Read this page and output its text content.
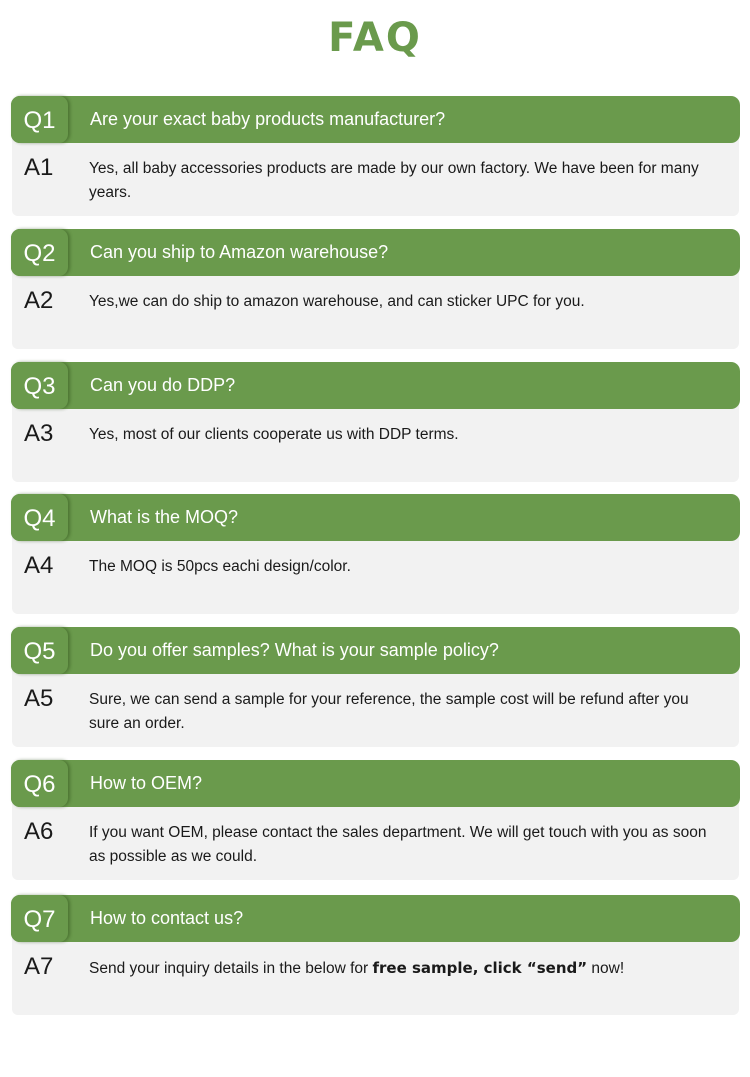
FAQ
Q1	Are your exact baby products manufacturer?
A1 Yes, all baby accessories products are made by our own factory. We have been for many years.
Q2	Can you ship to Amazon warehouse?
A2 Yes,we can do ship to amazon warehouse, and can sticker UPC for you.
Q3	Can you do DDP?
A3 Yes, most of our clients cooperate us with DDP terms.
Q4	What is the MOQ?
A4 The MOQ is 50pcs eachi design/color.
Q5	Do you offer samples? What is your sample policy?
A5 Sure, we can send a sample for your reference, the sample cost will be refund after you sure an order.
Q6	How to OEM?
A6 If you want OEM, please contact the sales department. We will get touch with you as soon as possible as we could.
Q7	How to contact us?
A7 Send your inquiry details in the below for free sample, click “send” now!
